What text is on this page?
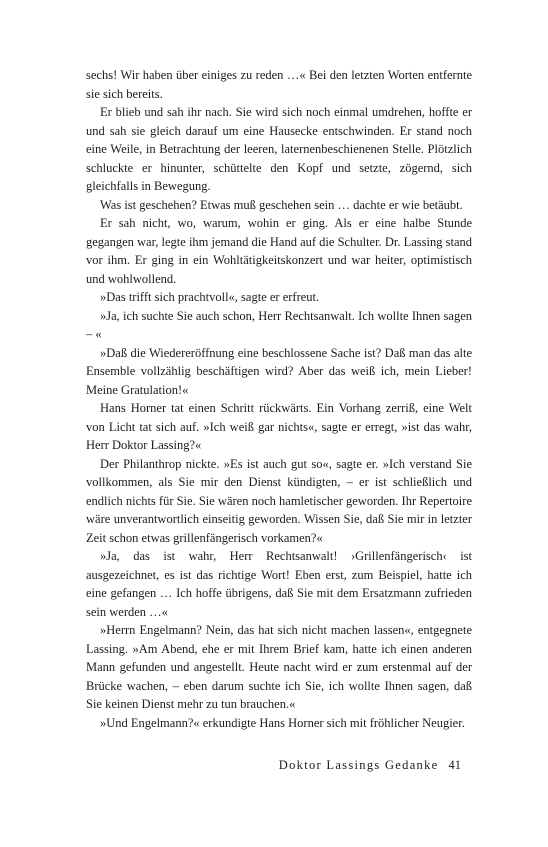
sechs! Wir haben über einiges zu reden …« Bei den letzten Worten entfernte sie sich bereits.

Er blieb und sah ihr nach. Sie wird sich noch einmal umdrehen, hoffte er und sah sie gleich darauf um eine Hausecke entschwinden. Er stand noch eine Weile, in Betrachtung der leeren, laternenbeschienenen Stelle. Plötzlich schluckte er hinunter, schüttelte den Kopf und setzte, zögernd, sich gleichfalls in Bewegung.

Was ist geschehen? Etwas muß geschehen sein … dachte er wie betäubt.

Er sah nicht, wo, warum, wohin er ging. Als er eine halbe Stunde gegangen war, legte ihm jemand die Hand auf die Schulter. Dr. Lassing stand vor ihm. Er ging in ein Wohltätigkeitskonzert und war heiter, optimistisch und wohlwollend.

»Das trifft sich prachtvoll«, sagte er erfreut.

»Ja, ich suchte Sie auch schon, Herr Rechtsanwalt. Ich wollte Ihnen sagen – «

»Daß die Wiedereröffnung eine beschlossene Sache ist? Daß man das alte Ensemble vollzählig beschäftigen wird? Aber das weiß ich, mein Lieber! Meine Gratulation!«

Hans Horner tat einen Schritt rückwärts. Ein Vorhang zerriß, eine Welt von Licht tat sich auf. »Ich weiß gar nichts«, sagte er erregt, »ist das wahr, Herr Doktor Lassing?«

Der Philanthrop nickte. »Es ist auch gut so«, sagte er. »Ich verstand Sie vollkommen, als Sie mir den Dienst kündigten, – er ist schließlich und endlich nichts für Sie. Sie wären noch hamletischer geworden. Ihr Repertoire wäre unverantwortlich einseitig geworden. Wissen Sie, daß Sie mir in letzter Zeit schon etwas grillenfängerisch vorkamen?«

»Ja, das ist wahr, Herr Rechtsanwalt! ›Grillenfängerisch‹ ist ausgezeichnet, es ist das richtige Wort! Eben erst, zum Beispiel, hatte ich eine gefangen … Ich hoffe übrigens, daß Sie mit dem Ersatzmann zufrieden sein werden …«

»Herrn Engelmann? Nein, das hat sich nicht machen lassen«, entgegnete Lassing. »Am Abend, ehe er mit Ihrem Brief kam, hatte ich einen anderen Mann gefunden und angestellt. Heute nacht wird er zum erstenmal auf der Brücke wachen, – eben darum suchte ich Sie, ich wollte Ihnen sagen, daß Sie keinen Dienst mehr zu tun brauchen.«

»Und Engelmann?« erkundigte Hans Horner sich mit fröhlicher Neugier.

Doktor Lassings Gedanke 41
